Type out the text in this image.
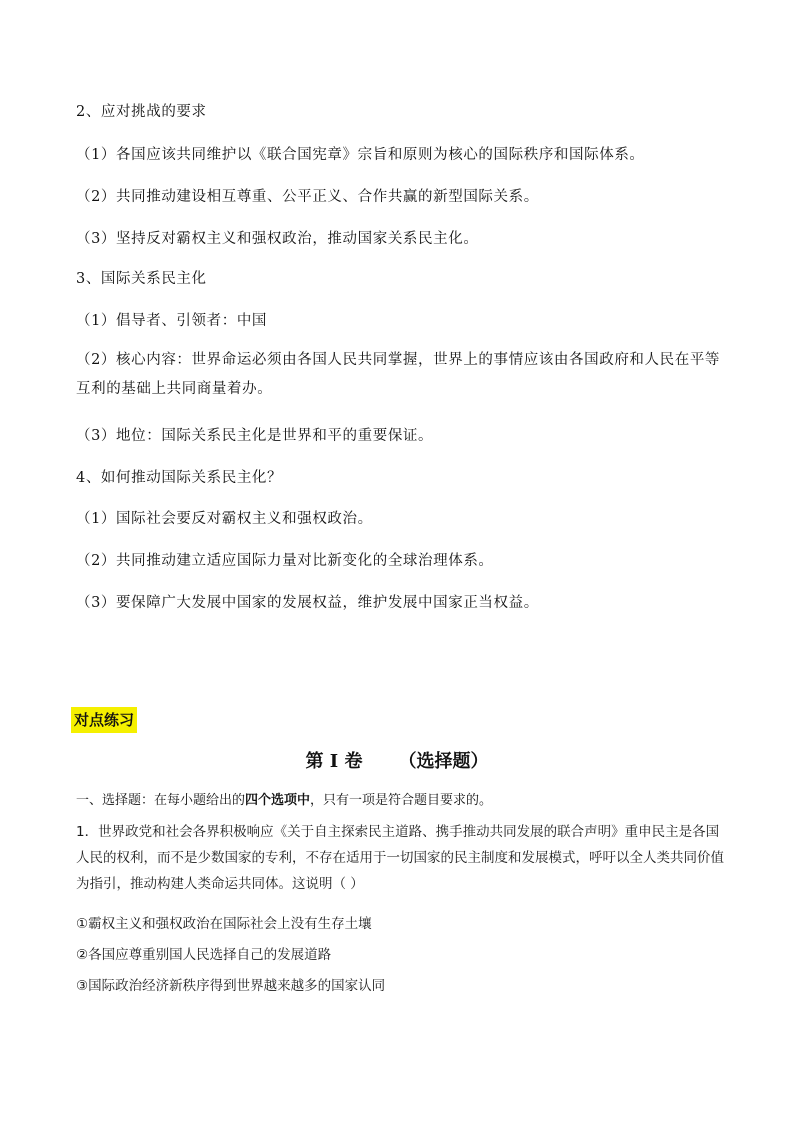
2、应对挑战的要求
（1）各国应该共同维护以《联合国宪章》宗旨和原则为核心的国际秩序和国际体系。
（2）共同推动建设相互尊重、公平正义、合作共赢的新型国际关系。
（3）坚持反对霸权主义和强权政治，推动国家关系民主化。
3、国际关系民主化
（1）倡导者、引领者：中国
（2）核心内容：世界命运必须由各国人民共同掌握，世界上的事情应该由各国政府和人民在平等互利的基础上共同商量着办。
（3）地位：国际关系民主化是世界和平的重要保证。
4、如何推动国际关系民主化？
（1）国际社会要反对霸权主义和强权政治。
（2）共同推动建立适应国际力量对比新变化的全球治理体系。
（3）要保障广大发展中国家的发展权益，维护发展中国家正当权益。
对点练习
第 I 卷 （选择题）
一、选择题：在每小题给出的四个选项中，只有一项是符合题目要求的。
1．世界政党和社会各界积极响应《关于自主探索民主道路、携手推动共同发展的联合声明》重申民主是各国人民的权利，而不是少数国家的专利，不存在适用于一切国家的民主制度和发展模式，呼吁以全人类共同价值为指引，推动构建人类命运共同体。这说明（ ）
①霸权主义和强权政治在国际社会上没有生存土壤
②各国应尊重别国人民选择自己的发展道路
③国际政治经济新秩序得到世界越来越多的国家认同
